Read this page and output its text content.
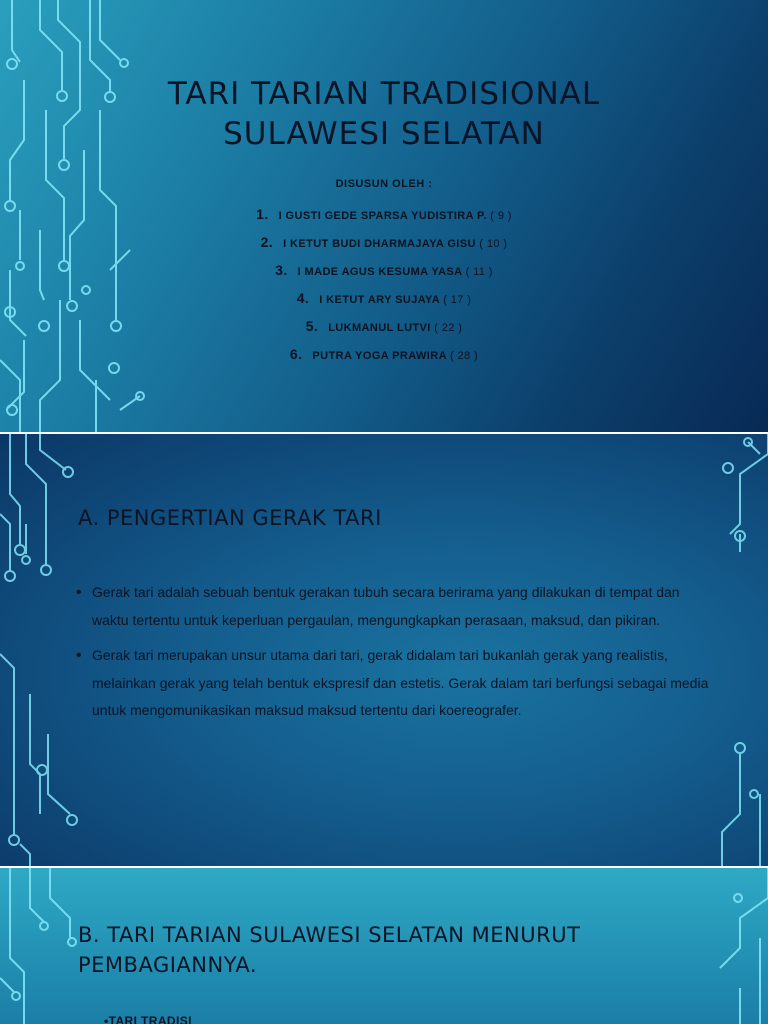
TARI TARIAN TRADISIONAL
SULAWESI SELATAN
DISUSUN OLEH :
1. I GUSTI GEDE SPARSA YUDISTIRA P. ( 9 )
2. I KETUT BUDI DHARMAJAYA GISU ( 10 )
3. I MADE AGUS KESUMA YASA ( 11 )
4. I KETUT ARY SUJAYA ( 17 )
5. LUKMANUL LUTVI ( 22 )
6. PUTRA YOGA PRAWIRA ( 28 )
A. PENGERTIAN GERAK TARI
• Gerak tari adalah sebuah bentuk gerakan tubuh secara berirama yang dilakukan di tempat dan waktu tertentu untuk keperluan pergaulan, mengungkapkan perasaan, maksud, dan pikiran.
• Gerak tari merupakan unsur utama dari tari, gerak didalam tari bukanlah gerak yang realistis, melainkan gerak yang telah bentuk ekspresif dan estetis. Gerak dalam tari berfungsi sebagai media untuk mengomunikasikan maksud maksud tertentu dari koereografer.
B. TARI TARIAN SULAWESI SELATAN MENURUT
PEMBAGIANNYA.
• TARI TRADISI
